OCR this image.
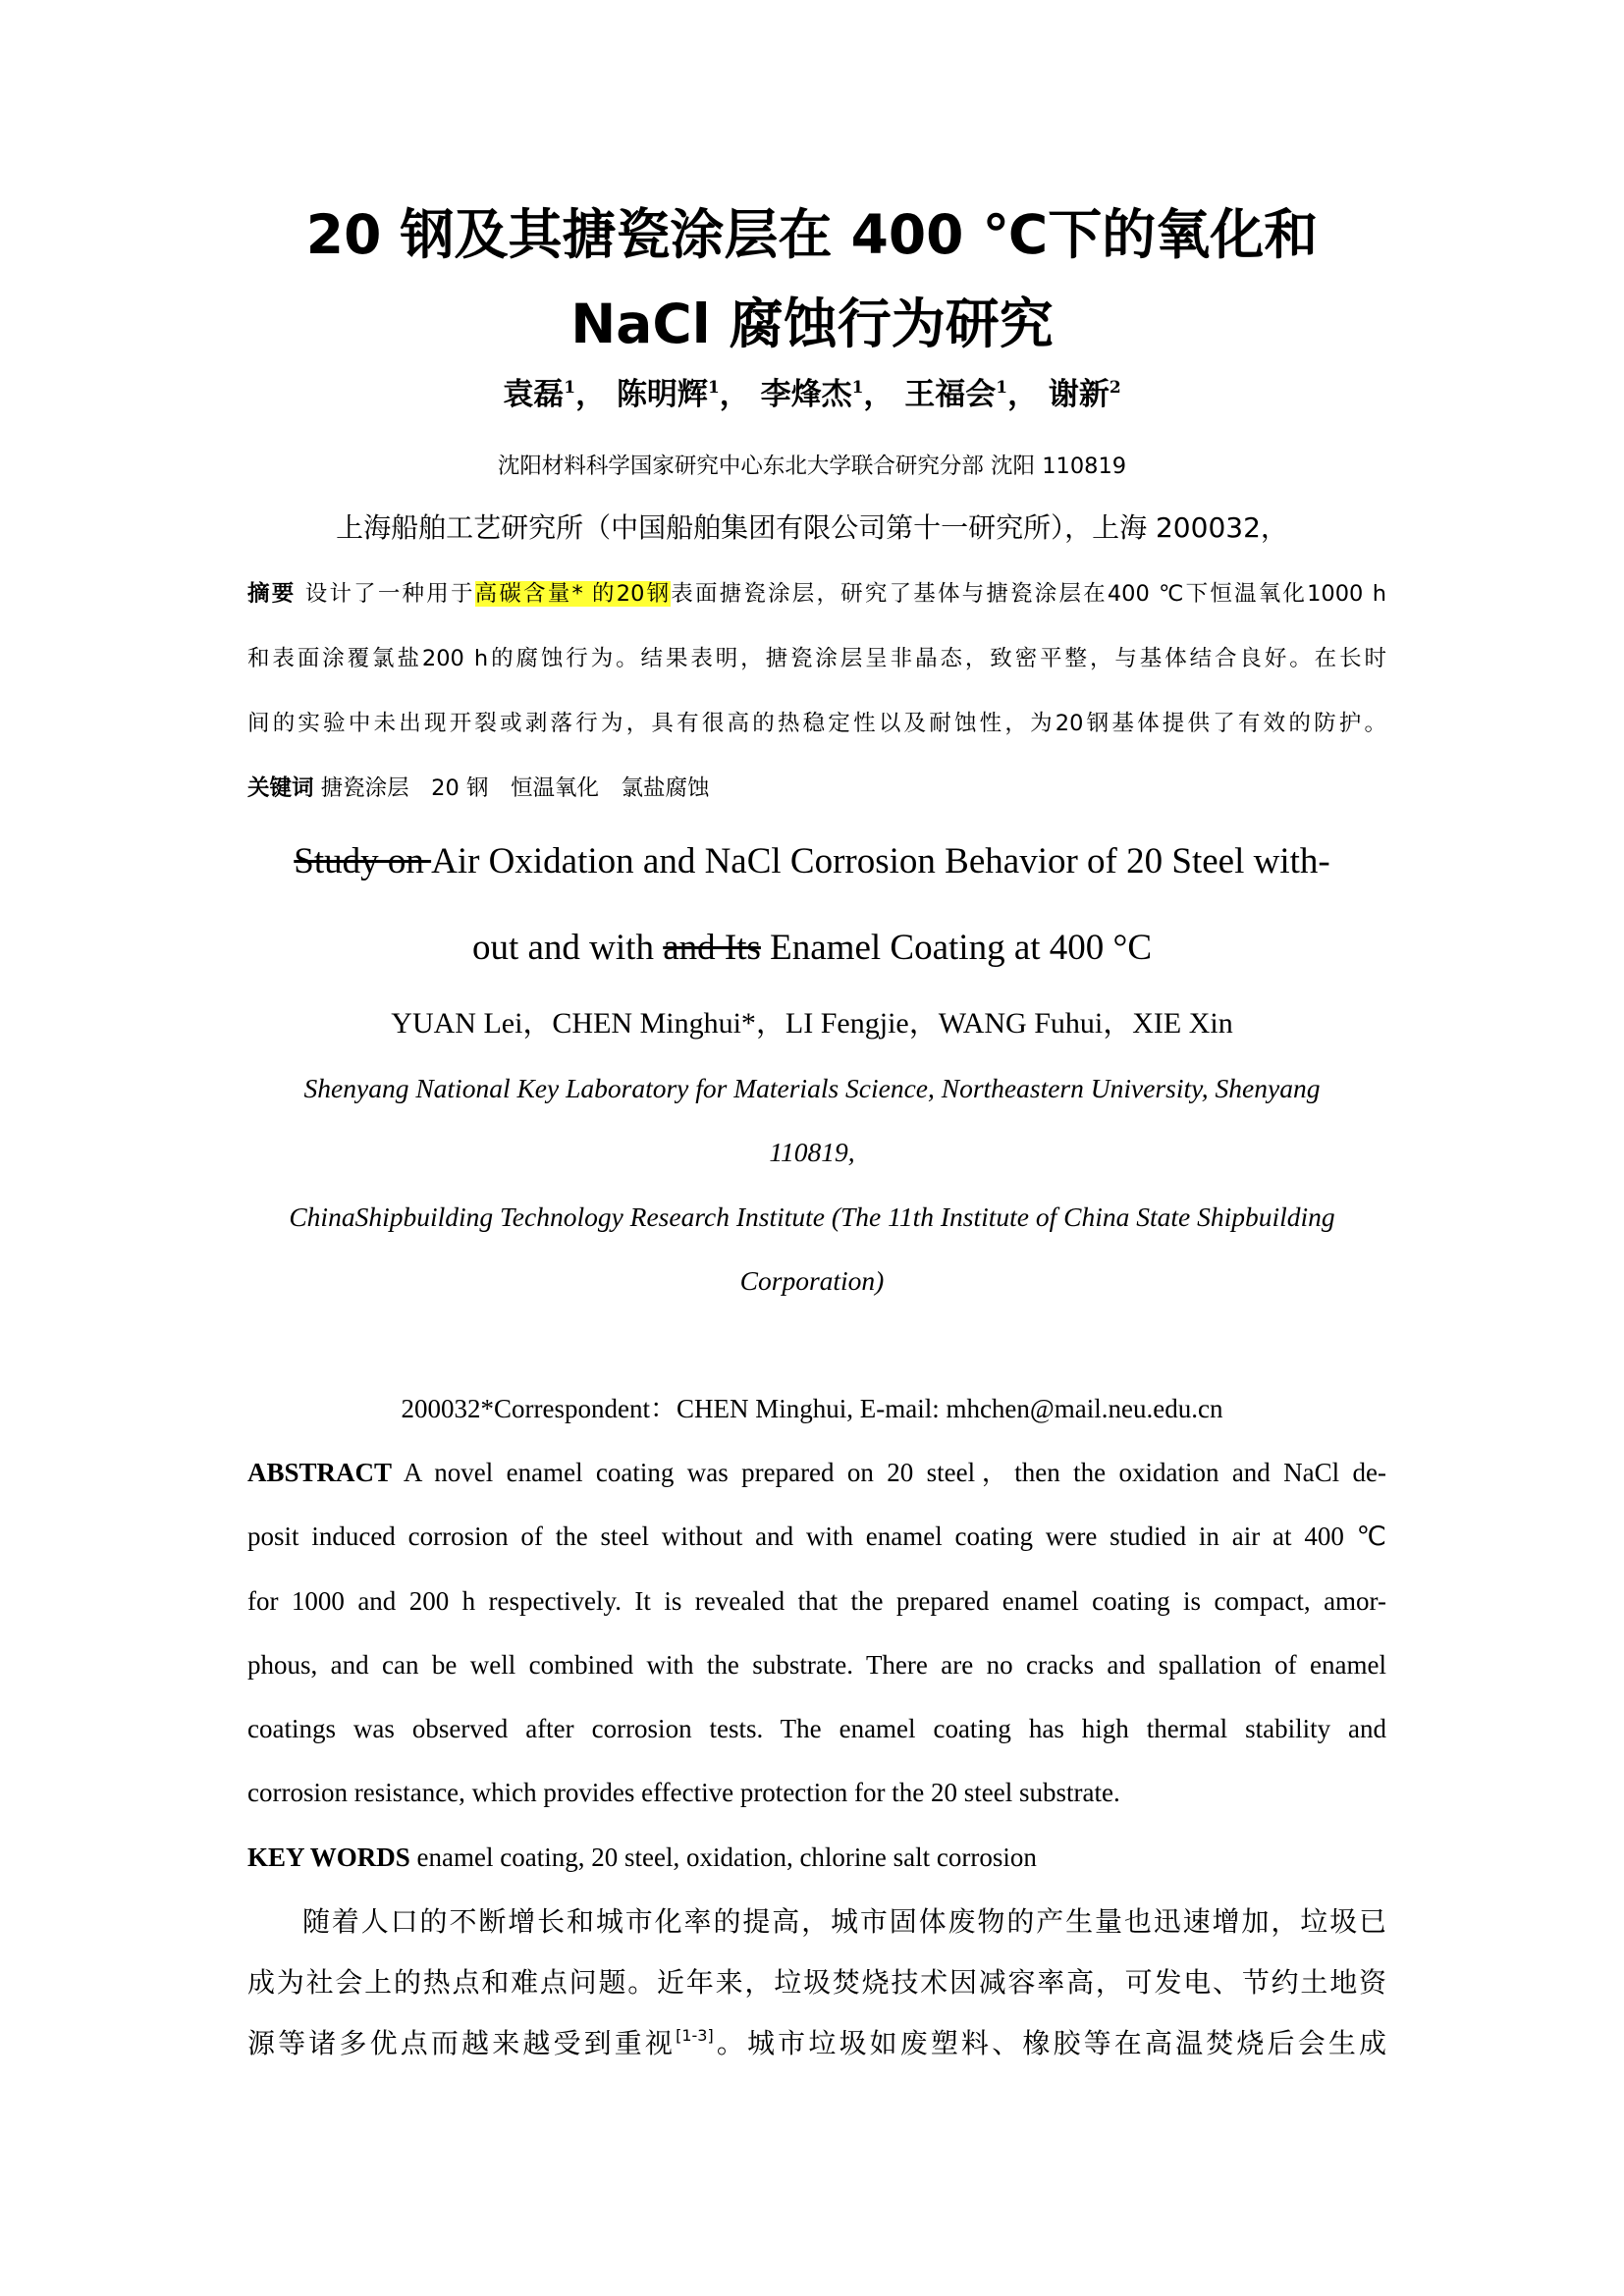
20 钢及其搪瓷涂层在 400 ℃下的氧化和
NaCl 腐蚀行为研究
袁磊$^1$， 陈明辉$^1$， 李烽杰$^1$， 王福会$^1$， 谢新$^2$
沈阳材料科学国家研究中心东北大学联合研究分部 沈阳 110819
上海船舶工艺研究所（中国船舶集团有限公司第十一研究所），上海 200032，
摘要 设计了一种用于高碳含量* 的20钢表面搪瓷涂层，研究了基体与搪瓷涂层在400 ℃下恒温氧化1000 h
和表面涂覆氯盐200 h的腐蚀行为。结果表明，搪瓷涂层呈非晶态，致密平整，与基体结合良好。在长时
间的实验中未出现开裂或剥落行为，具有很高的热稳定性以及耐蚀性，为20钢基体提供了有效的防护。
关键词 搪瓷涂层　20 钢　恒温氧化　氯盐腐蚀
Study on Air Oxidation and NaCl Corrosion Behavior of 20 Steel with-
out and with and Its Enamel Coating at 400 °C
YUAN Lei，CHEN Minghui*，LI Fengjie，WANG Fuhui，XIE Xin
Shenyang National Key Laboratory for Materials Science, Northeastern University, Shenyang
110819,
ChinaShipbuilding Technology Research Institute (The 11th Institute of China State Shipbuilding
Corporation)
200032*Correspondent：CHEN Minghui, E-mail: mhchen@mail.neu.edu.cn
ABSTRACT A novel enamel coating was prepared on 20 steel，then the oxidation and NaCl de-
posit induced corrosion of the steel without and with enamel coating were studied in air at 400 ℃
for 1000 and 200 h respectively. It is revealed that the prepared enamel coating is compact, amor-
phous, and can be well combined with the substrate. There are no cracks and spallation of enamel
coatings was observed after corrosion tests. The enamel coating has high thermal stability and
corrosion resistance, which provides effective protection for the 20 steel substrate.
KEY WORDS enamel coating, 20 steel, oxidation, chlorine salt corrosion
随着人口的不断增长和城市化率的提高，城市固体废物的产生量也迅速增加，垃圾已
成为社会上的热点和难点问题。近年来，垃圾焚烧技术因减容率高，可发电、节约土地资
源等诸多优点而越来越受到重视[1-3]。城市垃圾如废塑料、橡胶等在高温焚烧后会生成
